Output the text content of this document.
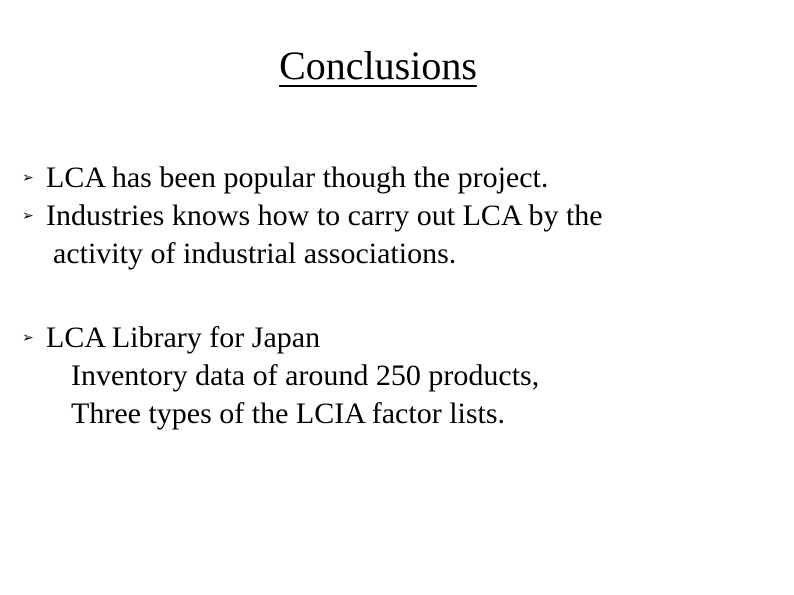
Conclusions
➢ LCA has been popular though the project.
➢ Industries knows how to carry out LCA by the
activity of industrial associations.
➢ LCA Library for Japan
Inventory data of around 250 products,
Three types of the LCIA factor lists.
